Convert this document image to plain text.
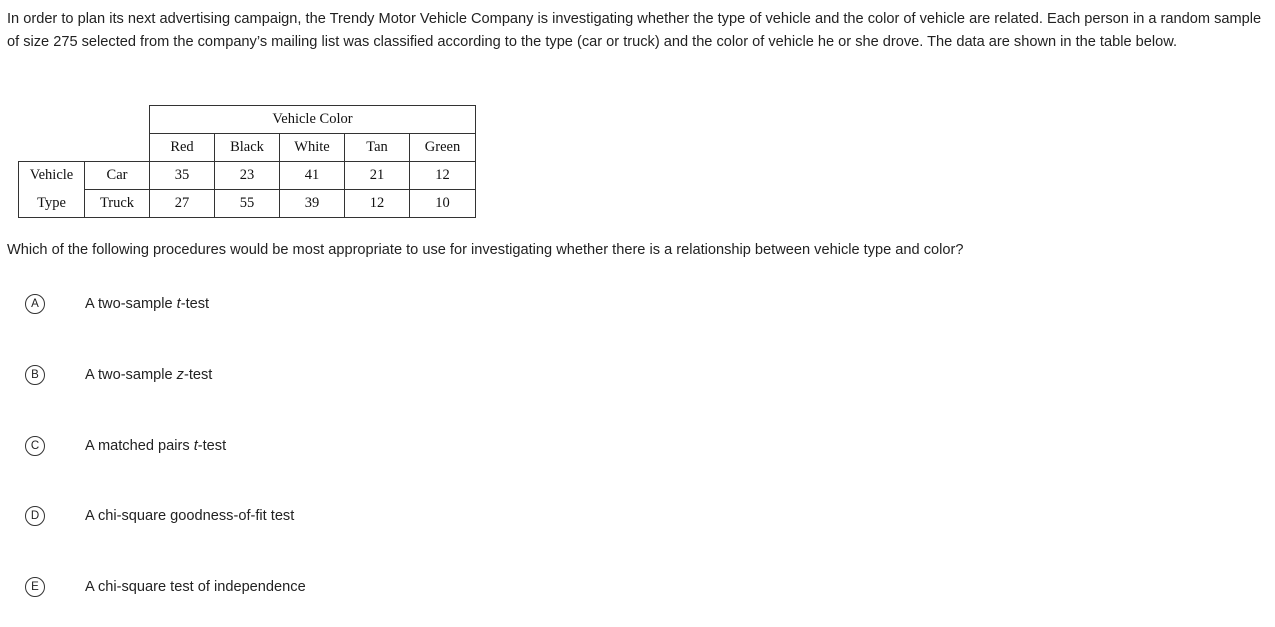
In order to plan its next advertising campaign, the Trendy Motor Vehicle Company is investigating whether the type of vehicle and the color of vehicle are related. Each person in a random sample of size 275 selected from the company’s mailing list was classified according to the type (car or truck) and the color of vehicle he or she drove. The data are shown in the table below.

		Vehicle Color				
		Red	Black	White	Tan	Green
Vehicle	Car	35	23	41	21	12
Type	Truck	27	55	39	12	10

Which of the following procedures would be most appropriate to use for investigating whether there is a relationship between vehicle type and color?

A	A two-sample t-test
B	A two-sample z-test
C	A matched pairs t-test
D	A chi-square goodness-of-fit test
E	A chi-square test of independence
